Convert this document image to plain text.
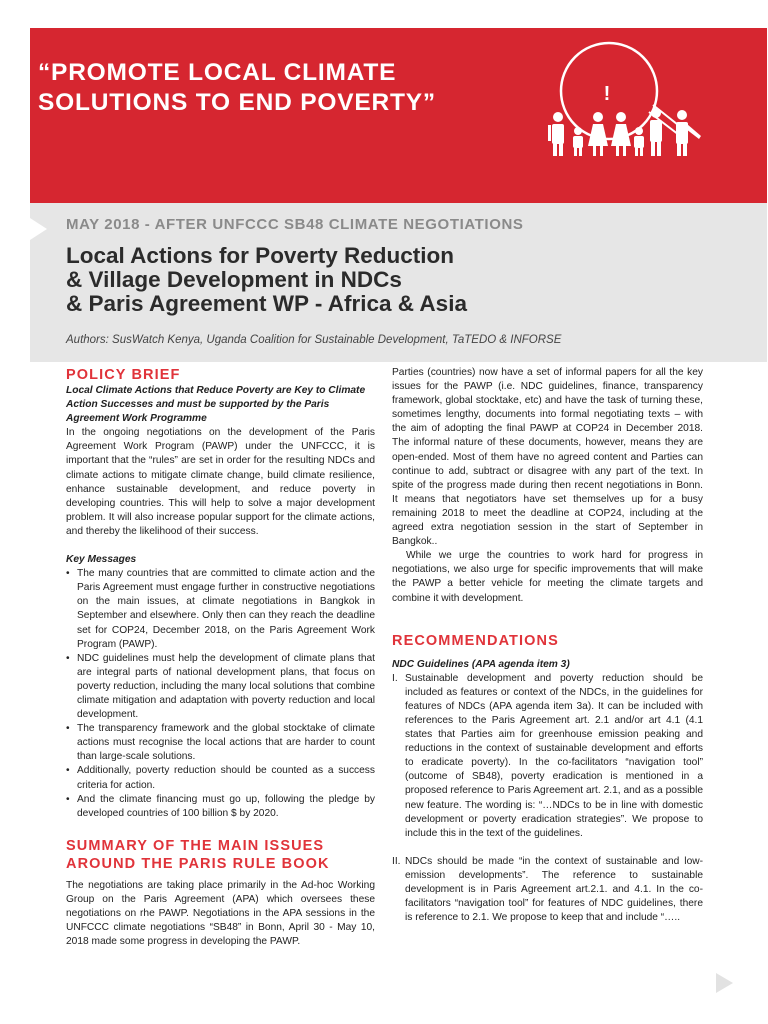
“PROMOTE LOCAL CLIMATE SOLUTIONS TO END POVERTY”	!

MAY 2018 - AFTER UNFCCC SB48 CLIMATE NEGOTIATIONS

Local Actions for Poverty Reduction
& Village Development in NDCs
& Paris Agreement WP - Africa & Asia

Authors: SusWatch Kenya, Uganda Coalition for Sustainable Development, TaTEDO & INFORSE

POLICY BRIEF

Local Climate Actions that Reduce Poverty are Key to Climate Action Successes and must be supported by the Paris Agreement Work Programme

In the ongoing negotiations on the development of the Paris Agreement Work Program (PAWP) under the UNFCCC, it is important that the “rules” are set in order for the resulting NDCs and climate actions to mitigate climate change, build climate resilience, enhance sustainable development, and reduce poverty in developing countries. This will help to solve a major development problem. It will also increase popular support for the climate actions, and thereby the likelihood of their success.

Key Messages

• The many countries that are committed to climate action and the Paris Agreement must engage further in constructive negotiations on the main issues, at climate negotiations in Bangkok in September and elsewhere. Only then can they reach the deadline set for COP24, December 2018, on the Paris Agreement Work Program (PAWP).
• NDC guidelines must help the development of climate plans that are integral parts of national development plans, that focus on poverty reduction, including the many local solutions that combine climate mitigation and adaptation with poverty reduction and local development.
• The transparency framework and the global stocktake of climate actions must recognise the local actions that are harder to count than large-scale solutions.
• Additionally, poverty reduction should be counted as a success criteria for action.
• And the climate financing must go up, following the pledge by developed countries of 100 billion $ by 2020.
SUMMARY OF THE MAIN ISSUES
AROUND THE PARIS RULE BOOK

The negotiations are taking place primarily in the Ad-hoc Working Group on the Paris Agreement (APA) which oversees these negotiations on rhe PAWP. Negotiations in the APA sessions in the UNFCCC climate negotiations “SB48” in Bonn, April 30 - May 10, 2018 made some progress in developing the PAWP.

Parties (countries) now have a set of informal papers for all the key issues for the PAWP (i.e. NDC guidelines, finance, transparency framework, global stocktake, etc) and have the task of turning these, sometimes lengthy, documents into formal negotiating texts – with the aim of adopting the final PAWP at COP24 in December 2018. The informal nature of these documents, however, means they are open-ended. Most of them have no agreed content and Parties can continue to add, subtract or disagree with any part of the text. In spite of the progress made during then recent negotiations in Bonn. It means that negotiators have set themselves up for a busy remaining 2018 to meet the deadline at COP24, including at the agreed extra negotiation session in the start of September in Bangkok..

While we urge the countries to work hard for progress in negotiations, we also urge for specific improvements that will make the PAWP a better vehicle for meeting the climate targets and combine it with development.

RECOMMENDATIONS

NDC Guidelines (APA agenda item 3)

I. Sustainable development and poverty reduction should be included as features or context of the NDCs, in the guidelines for features of NDCs (APA agenda item 3a). It can be included with references to the Paris Agreement art. 2.1 and/or art 4.1 (4.1 states that Parties aim for greenhouse emission peaking and reductions in the context of sustainable development and efforts to eradicate poverty). In the co-facilitators “navigation tool” (outcome of SB48), poverty eradication is mentioned in a proposed reference to Paris Agreement art. 2.1, and as a possible new feature. The wording is: “…NDCs to be in line with domestic development or poverty eradication strategies”. We propose to include this in the text of the guidelines.
II. NDCs should be made “in the context of sustainable and low-emission developments”. The reference to sustainable development is in Paris Agreement art.2.1. and 4.1. In the co-facilitators “navigation tool” for features of NDC guidelines, there is reference to 2.1. We propose to keep that and include “…..
